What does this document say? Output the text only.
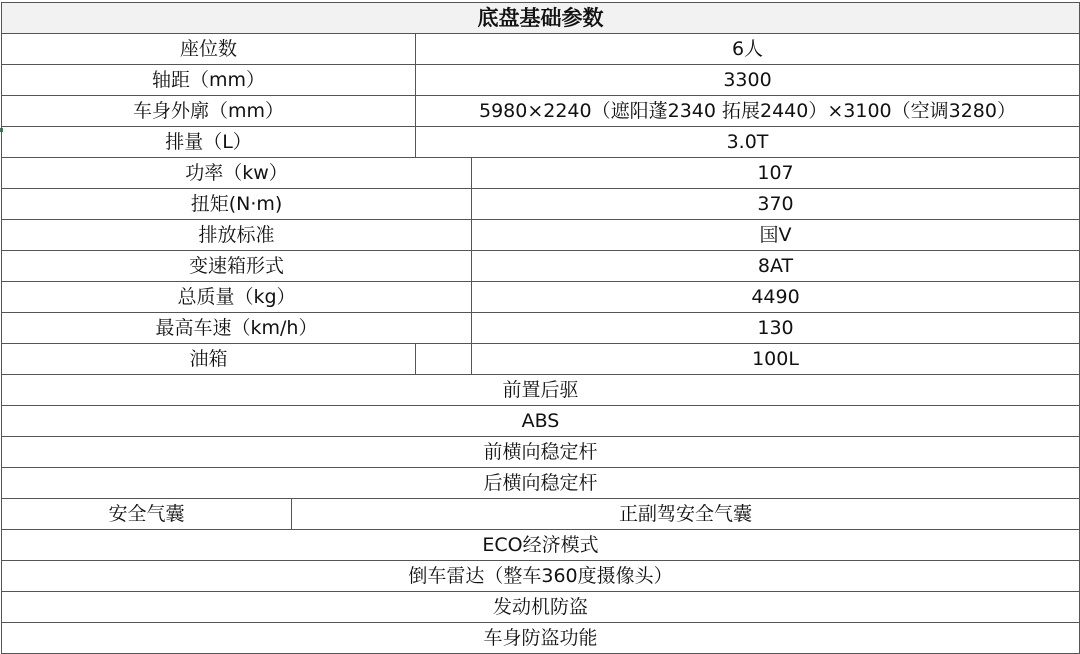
底盘基础参数			
座位数		6人	
轴距（mm）		3300	
车身外廓（mm）		5980×2240（遮阳蓬2340 拓展2440）×3100（空调3280）	
排量（L）		3.0T	
功率（kw）			107
扭矩(N·m)			370
排放标准			国V
变速箱形式			8AT
总质量（kg）			4490
最高车速（km/h）			130
油箱			100L
前置后驱			
ABS			
前横向稳定杆			
后横向稳定杆			
安全气囊	正副驾安全气囊		
ECO经济模式			
倒车雷达（整车360度摄像头）			
发动机防盗			
车身防盗功能			
